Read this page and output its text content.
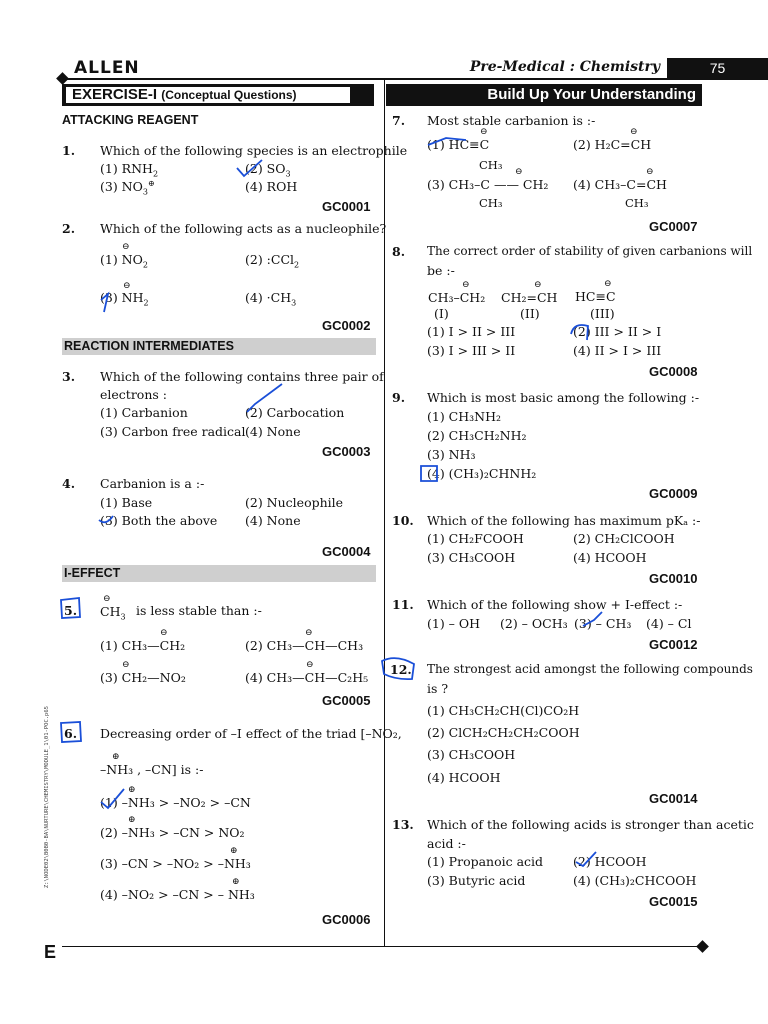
ALLEN	Pre-Medical : Chemistry	75
EXERCISE-I (Conceptual Questions)	Build Up Your Understanding
ATTACKING REAGENT
1. Which of the following species is an electrophile
(1) $RNH_2$	(2) $SO_3$
(3) $NO_3^\oplus$	(4) ROH
GC0001
2. Which of the following acts as a nucleophile?
(1) $NO_2$
⊖
(2) :CCl$_2$
(3) $NH_2$
⊖
$(4) \cdot CH_3$
GC0002
REACTION INTERMEDIATES
3. Which of the following contains three pair of
electrons :
(1) Carbanion	(2) Carbocation
(3) Carbon free radical (4) None
GC0003
4. Carbanion is a :-
(1) Base	(2) Nucleophile
(3) Both the above (4) None
GC0004
I-EFFECT
5. $CH_3$
⊖
is less stable than :-
(1) CH₃—CH₂
⊖
(2) CH₃—CH—CH₃
⊖
(3) CH₂—NO₂
⊖
(4) CH₃—CH—C₂H₅
⊖
GC0005
6. Decreasing order of –I effect of the triad [–NO₂,
–NH₃ , –CN] is :-
⊕
(1) –NH₃ > –NO₂ > –CN
⊕
(2) –NH₃ > –CN > NO₂
⊕
(3) –CN > –NO₂ > –NH₃
⊕
(4) –NO₂ > –CN > – NH₃
⊕
GC0006
7. Most stable carbanion is :-
(1) HC≡C
⊖
(2) H₂C=CH
⊖
CH₃
(3) CH₃–C —— CH₂
⊖
CH₃
(4) CH₃–C=CH
⊖
CH₃
GC0007
8. The correct order of stability of given carbanions will
be :-
CH₃–CH₂
⊖
CH₂=CH
⊖
HC≡C
⊖
(I)	(II)	(III)
(1) I > II > III	(2) III > II > I
(3) I > III > II	(4) II > I > III
GC0008
9. Which is most basic among the following :-
(1) CH₃NH₂
(2) CH₃CH₂NH₂
(3) NH₃
(4) (CH₃)₂CHNH₂
GC0009
10. Which of the following has maximum pKₐ :-
(1) CH₂FCOOH	(2) CH₂ClCOOH
(3) CH₃COOH	(4) HCOOH
GC0010
11. Which of the following show + I-effect :-
(1) – OH (2) – OCH₃ (3) – CH₃ (4) – Cl
GC0012
12. The strongest acid amongst the following compounds
is ?
(1) CH₃CH₂CH(Cl)CO₂H
(2) ClCH₂CH₂CH₂COOH
(3) CH₃COOH
(4) HCOOH
GC0014
13. Which of the following acids is stronger than acetic
acid :-
(1) Propanoic acid (2) HCOOH
(3) Butyric acid	(4) (CH₃)₂CHCOOH
GC0015
Z:\NODE02\B0B0-BA\NURTURE\CHEMISTRY\MODULE_1\01-POC.p65
E
